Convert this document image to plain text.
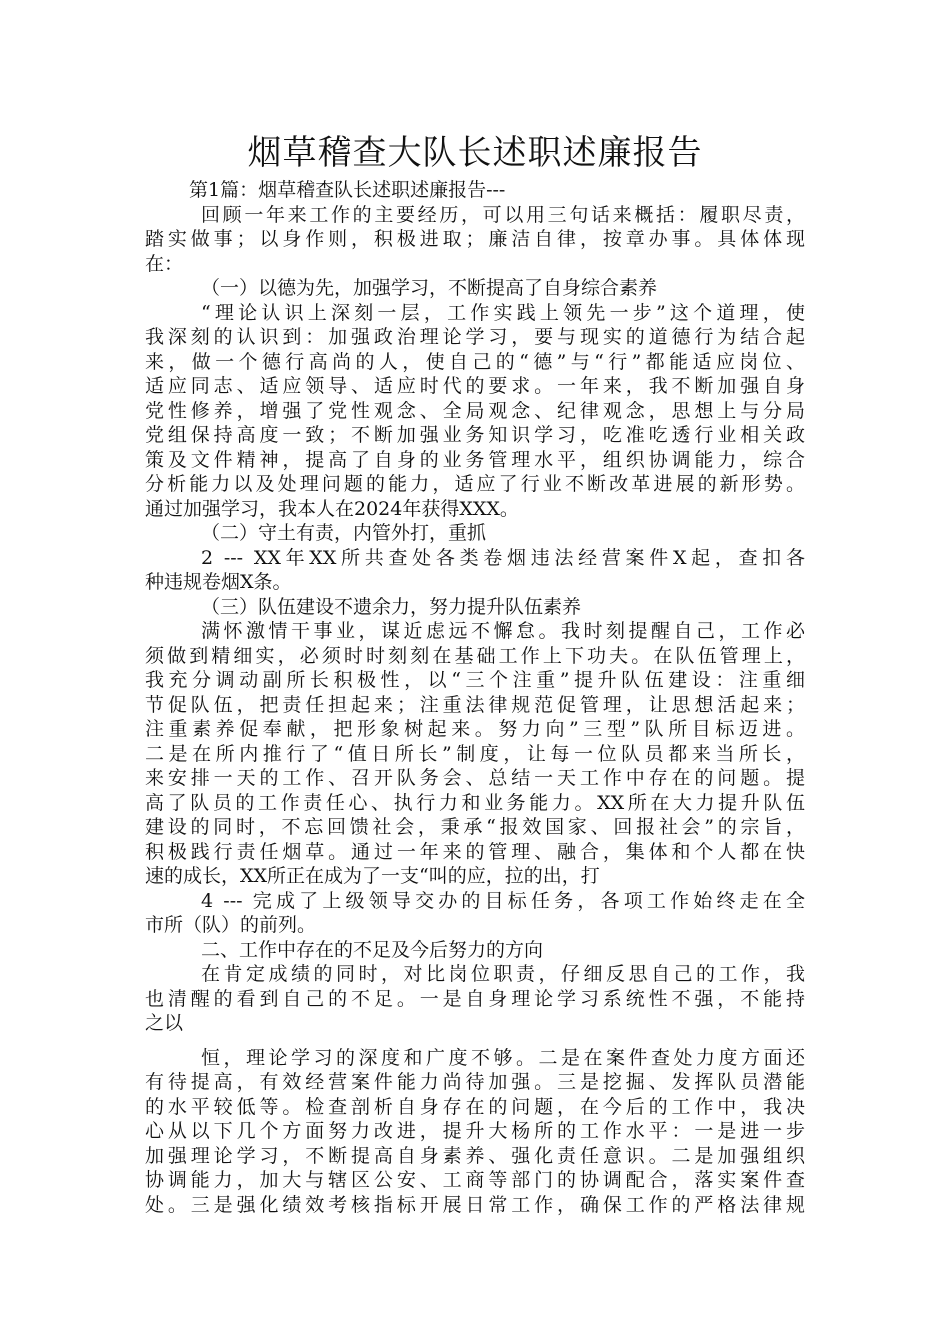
烟草稽查大队长述职述廉报告
第1篇：烟草稽查队长述职述廉报告---
回顾一年来工作的主要经历，可以用三句话来概括：履职尽责，
踏实做事；以身作则，积极进取；廉洁自律，按章办事。具体体现
在：
（一）以德为先，加强学习，不断提高了自身综合素养
“理论认识上深刻一层，工作实践上领先一步”这个道理，使
我深刻的认识到：加强政治理论学习，要与现实的道德行为结合起
来，做一个德行高尚的人，使自己的“德”与“行”都能适应岗位、
适应同志、适应领导、适应时代的要求。一年来，我不断加强自身
党性修养，增强了党性观念、全局观念、纪律观念，思想上与分局
党组保持高度一致；不断加强业务知识学习，吃准吃透行业相关政
策及文件精神，提高了自身的业务管理水平，组织协调能力，综合
分析能力以及处理问题的能力，适应了行业不断改革进展的新形势。
通过加强学习，我本人在2024年获得XXX。
（二）守土有责，内管外打，重抓
2 --- XX年XX所共查处各类卷烟违法经营案件X起，查扣各
种违规卷烟X条。
（三）队伍建设不遗余力，努力提升队伍素养
满怀激情干事业，谋近虑远不懈怠。我时刻提醒自己，工作必
须做到精细实，必须时时刻刻在基础工作上下功夫。在队伍管理上，
我充分调动副所长积极性，以“三个注重”提升队伍建设：注重细
节促队伍，把责任担起来；注重法律规范促管理，让思想活起来；
注重素养促奉献，把形象树起来。努力向”三型”队所目标迈进。
二是在所内推行了“值日所长”制度，让每一位队员都来当所长，
来安排一天的工作、召开队务会、总结一天工作中存在的问题。提
高了队员的工作责任心、执行力和业务能力。XX所在大力提升队伍
建设的同时，不忘回馈社会，秉承“报效国家、回报社会”的宗旨，
积极践行责任烟草。通过一年来的管理、融合，集体和个人都在快
速的成长，XX所正在成为了一支“叫的应，拉的出，打
4 --- 完成了上级领导交办的目标任务，各项工作始终走在全
市所（队）的前列。
二、工作中存在的不足及今后努力的方向
在肯定成绩的同时，对比岗位职责，仔细反思自己的工作，我
也清醒的看到自己的不足。一是自身理论学习系统性不强，不能持
之以
恒，理论学习的深度和广度不够。二是在案件查处力度方面还
有待提高，有效经营案件能力尚待加强。三是挖掘、发挥队员潜能
的水平较低等。检查剖析自身存在的问题，在今后的工作中，我决
心从以下几个方面努力改进，提升大杨所的工作水平：一是进一步
加强理论学习，不断提高自身素养、强化责任意识。二是加强组织
协调能力，加大与辖区公安、工商等部门的协调配合，落实案件查
处。三是强化绩效考核指标开展日常工作，确保工作的严格法律规
